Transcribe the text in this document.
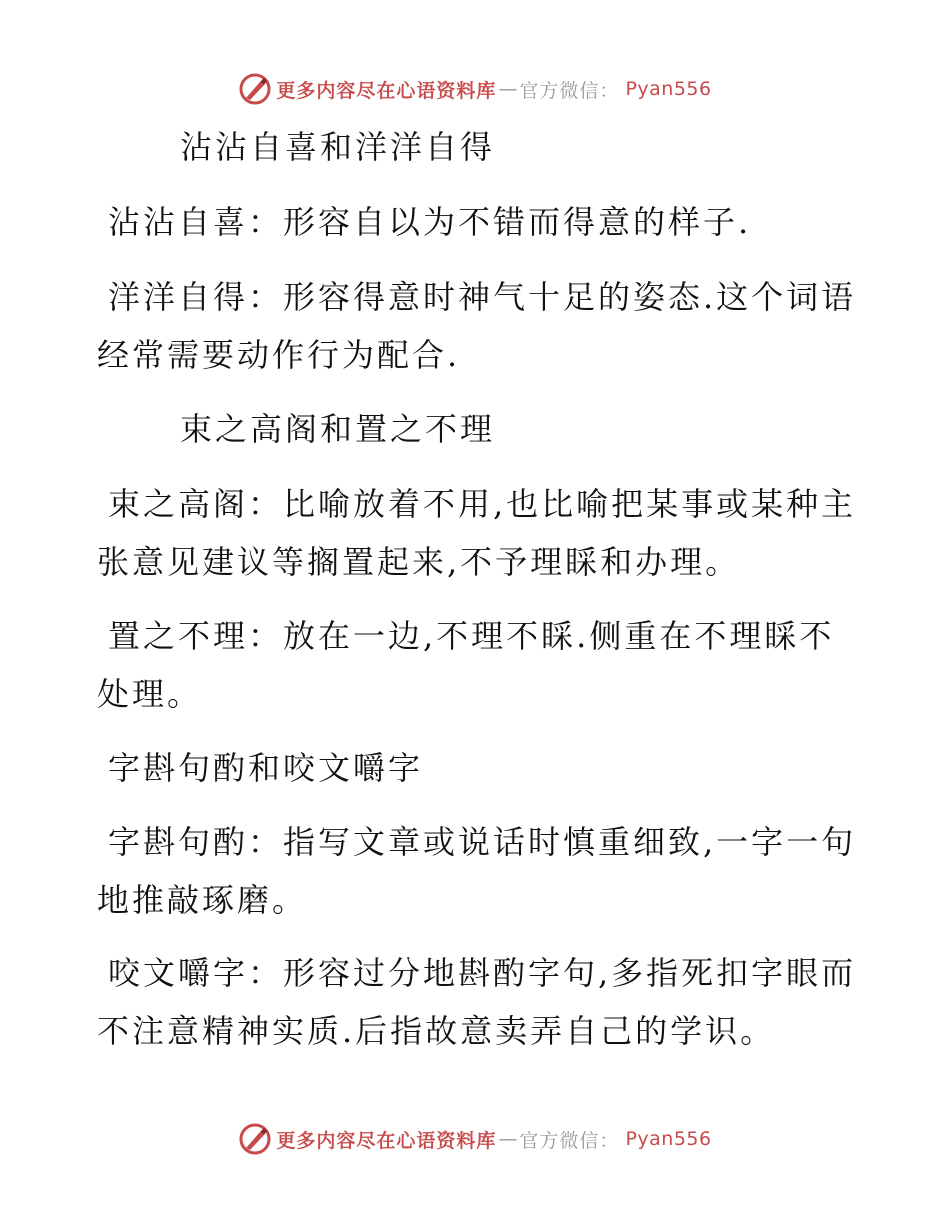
更多内容尽在心语资料库 — 官方微信 ： Pyan556
沾沾自喜和洋洋自得
沾沾自喜：形容自以为不错而得意的样子.
洋洋自得：形容得意时神气十足的姿态.这个词语
经常需要动作行为配合.
束之高阁和置之不理
束之高阁：比喻放着不用,也比喻把某事或某种主
张意见建议等搁置起来,不予理睬和办理。
置之不理：放在一边,不理不睬.侧重在不理睬不
处理。
字斟句酌和咬文嚼字
字斟句酌：指写文章或说话时慎重细致,一字一句
地推敲琢磨。
咬文嚼字：形容过分地斟酌字句,多指死扣字眼而
不注意精神实质.后指故意卖弄自己的学识。
更多内容尽在心语资料库 — 官方微信 ： Pyan556
